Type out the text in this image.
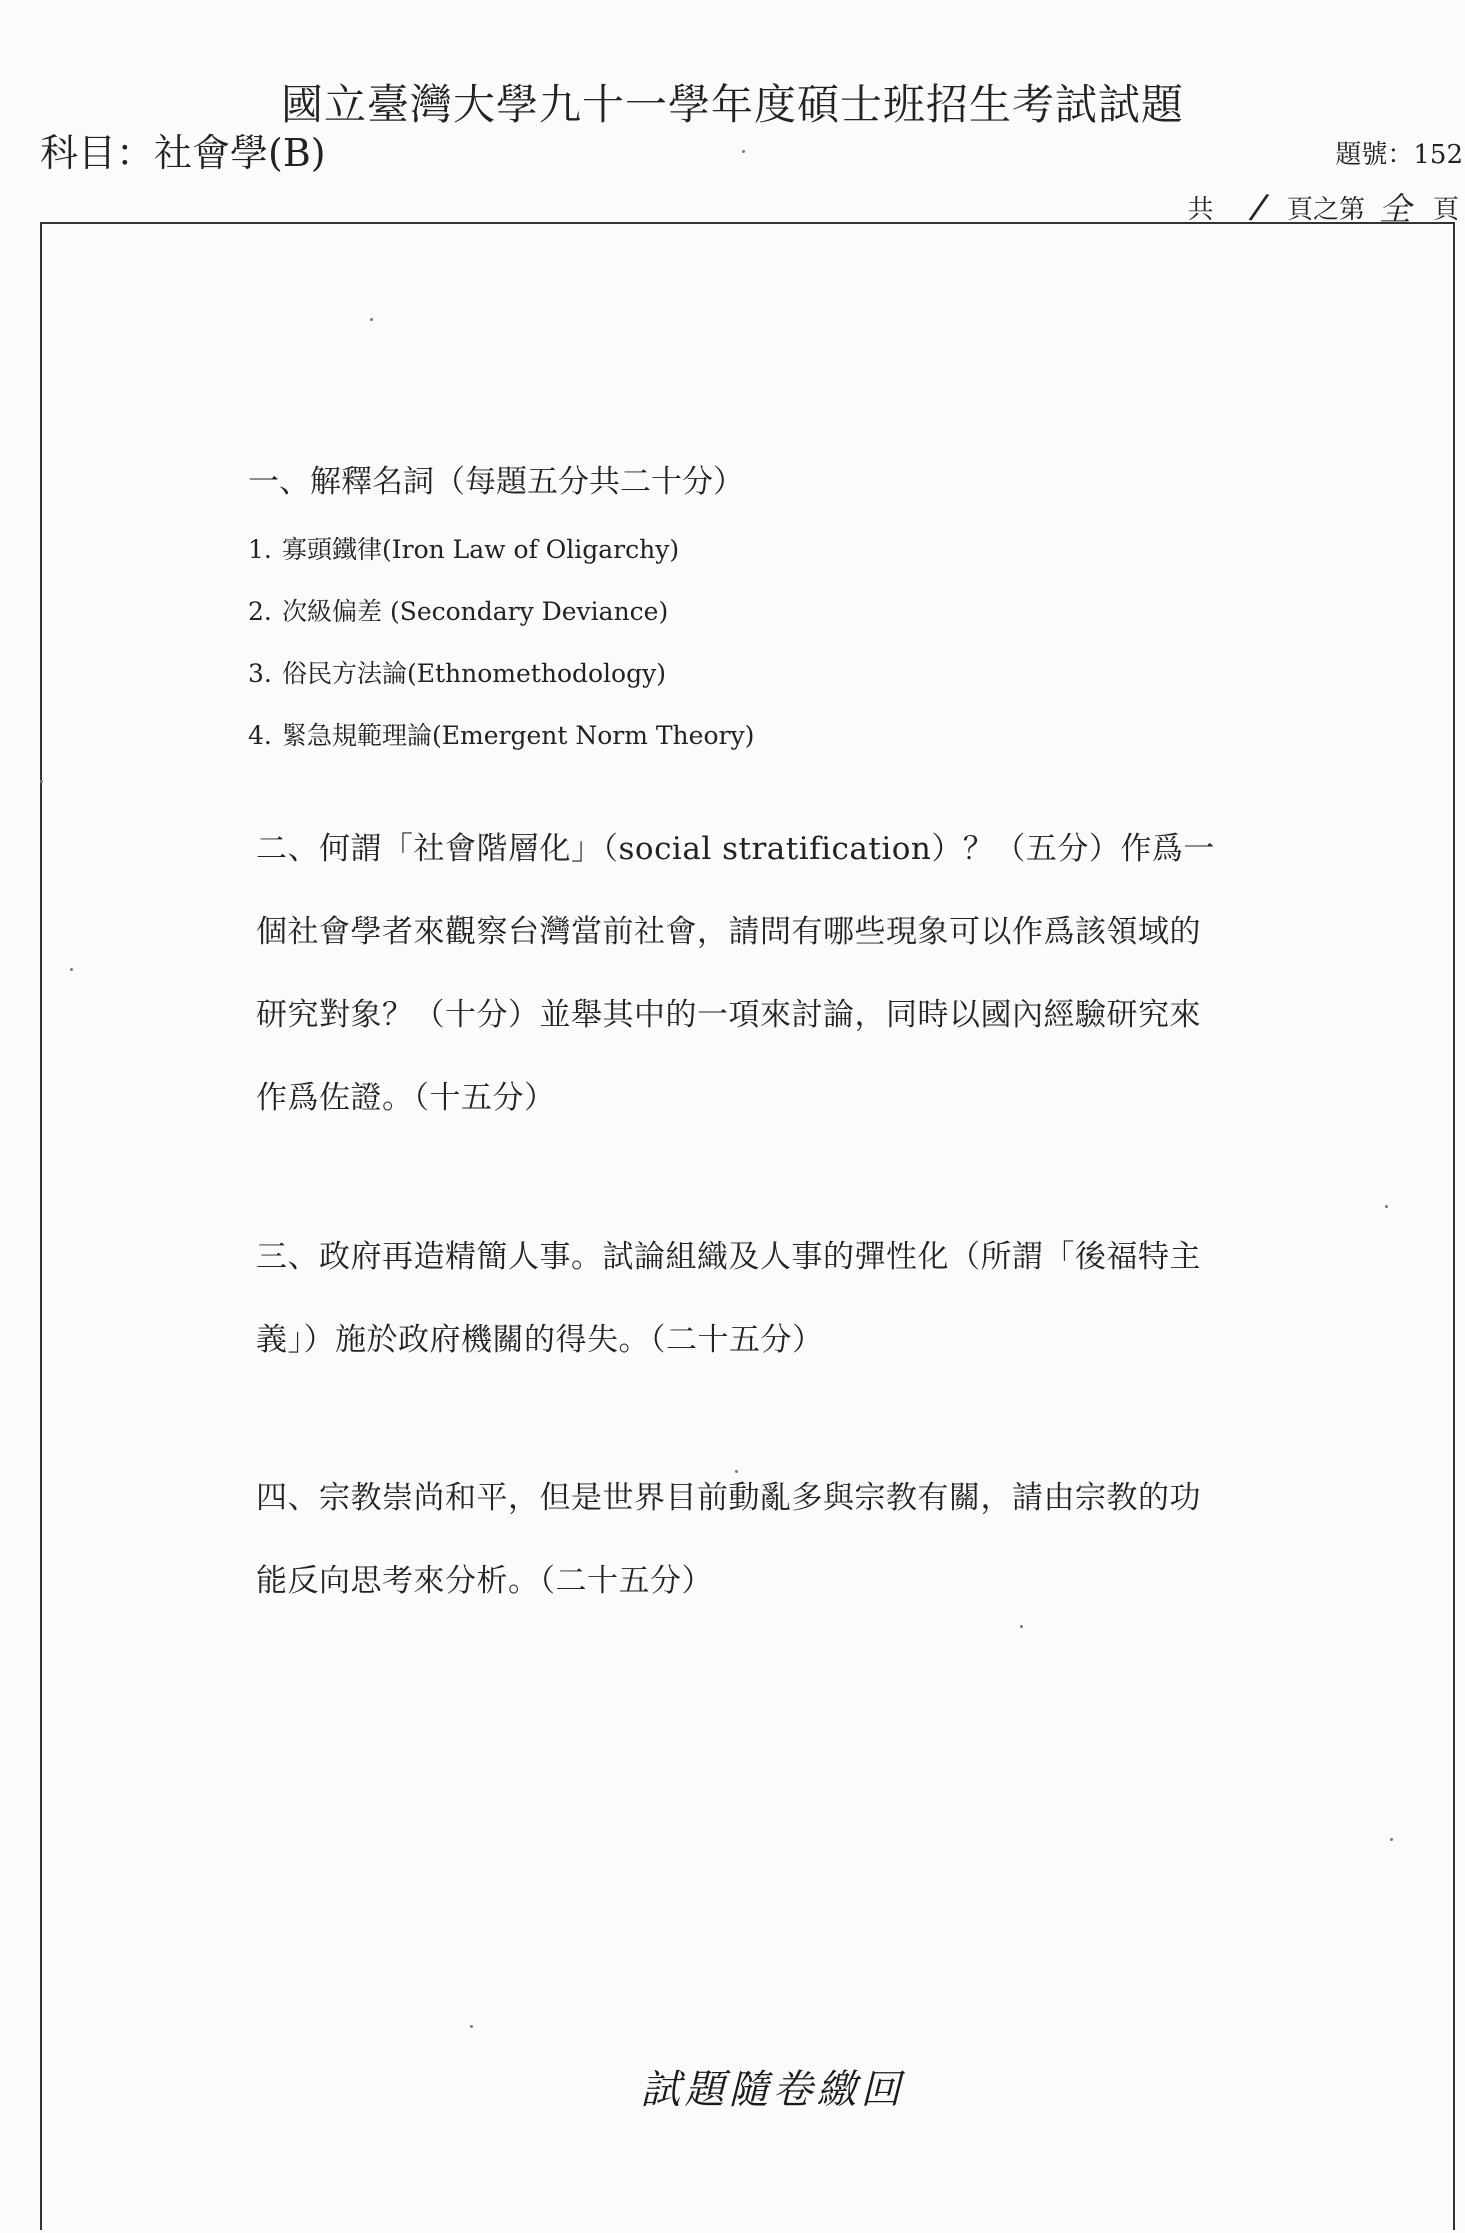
國立臺灣大學九十一學年度碩士班招生考試試題
科目：社會學(B)	題號：152
共 / 頁之第 全 頁
一、解釋名詞（每題五分共二十分）
1. 寡頭鐵律(Iron Law of Oligarchy)
2. 次級偏差 (Secondary Deviance)
3. 俗民方法論(Ethnomethodology)
4. 緊急規範理論(Emergent Norm Theory)
二、何謂「社會階層化」（social stratification）？（五分）作爲一個社會學者來觀察台灣當前社會，請問有哪些現象可以作爲該領域的研究對象？（十分）並舉其中的一項來討論，同時以國內經驗研究來作爲佐證。（十五分）
三、政府再造精簡人事。試論組織及人事的彈性化（所謂「後福特主義」）施於政府機關的得失。（二十五分）
四、宗教崇尚和平，但是世界目前動亂多與宗教有關，請由宗教的功能反向思考來分析。（二十五分）
試題隨卷繳回
